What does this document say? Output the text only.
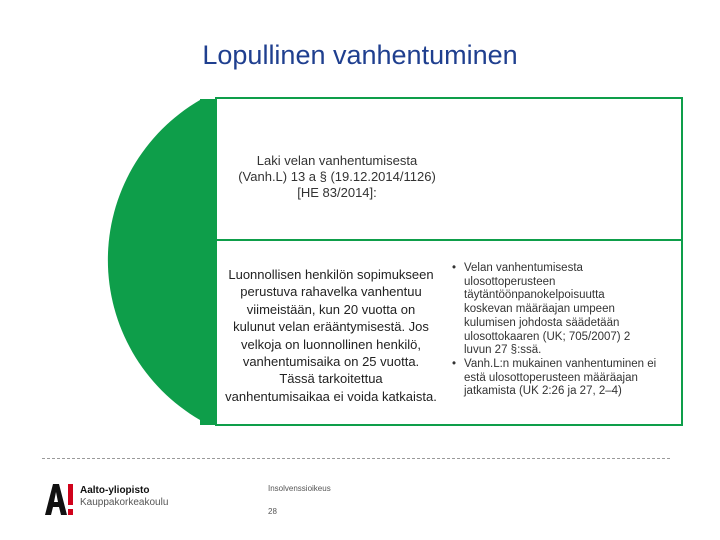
Lopullinen vanhentuminen
Laki velan vanhentumisesta
(Vanh.L) 13 a § (19.12.2014/1126)
[HE 83/2014]:
Luonnollisen henkilön sopimukseen
perustuva rahavelka vanhentuu
viimeistään, kun 20 vuotta on
kulunut velan erääntymisestä. Jos
velkoja on luonnollinen henkilö,
vanhentumisaika on 25 vuotta.
Tässä tarkoitettua
vanhentumisaikaa ei voida katkaista.
• Velan vanhentumisesta
ulosottoperusteen
täytäntöönpanokelpoisuutta
koskevan määräajan umpeen
kulumisen johdosta säädetään
ulosottokaaren (UK; 705/2007) 2
luvun 27 §:ssä.
• Vanh.L:n mukainen vanhentuminen ei
estä ulosottoperusteen määräajan
jatkamista (UK 2:26 ja 27, 2–4)
Aalto-yliopisto
Kauppakorkeakoulu
Insolvenssioikeus
28
